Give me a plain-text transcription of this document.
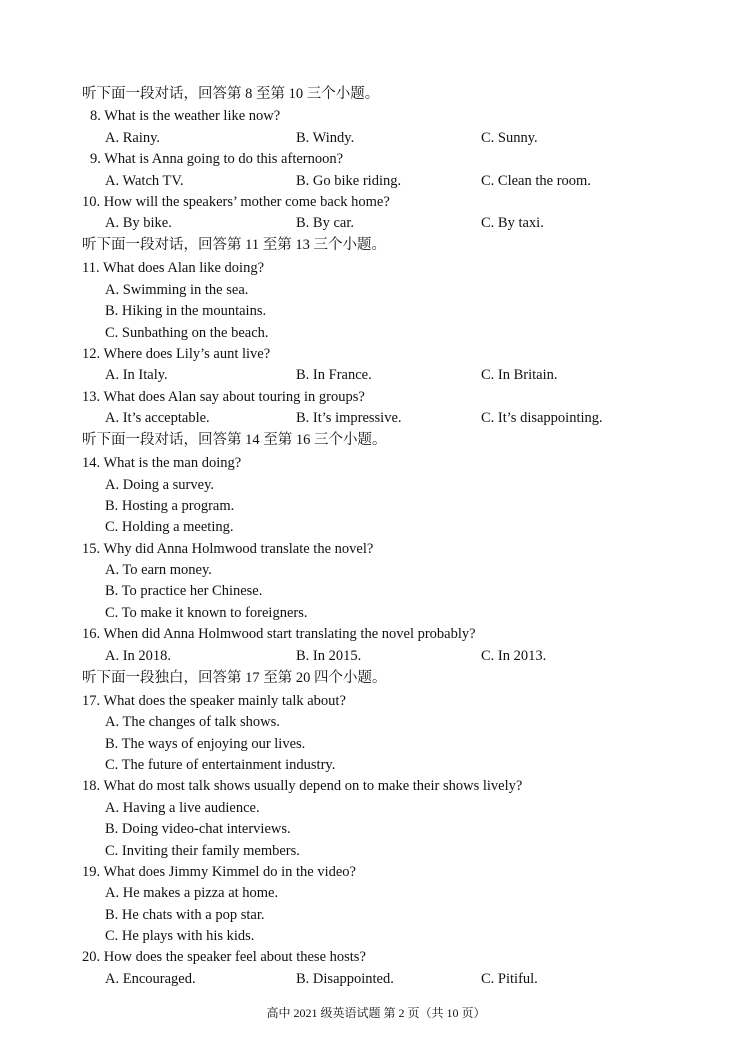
听下面一段对话，回答第 8 至第 10 三个小题。
8. What is the weather like now?
A. Rainy.	B. Windy.	C. Sunny.
9. What is Anna going to do this afternoon?
A. Watch TV.	B. Go bike riding.	C. Clean the room.
10. How will the speakers’ mother come back home?
A. By bike.	B. By car.	C. By taxi.
听下面一段对话，回答第 11 至第 13 三个小题。
11. What does Alan like doing?
A. Swimming in the sea.
B. Hiking in the mountains.
C. Sunbathing on the beach.
12. Where does Lily’s aunt live?
A. In Italy.	B. In France.	C. In Britain.
13. What does Alan say about touring in groups?
A. It’s acceptable.	B. It’s impressive.	C. It’s disappointing.
听下面一段对话，回答第 14 至第 16 三个小题。
14. What is the man doing?
A. Doing a survey.
B. Hosting a program.
C. Holding a meeting.
15. Why did Anna Holmwood translate the novel?
A. To earn money.
B. To practice her Chinese.
C. To make it known to foreigners.
16. When did Anna Holmwood start translating the novel probably?
A. In 2018.	B. In 2015.	C. In 2013.
听下面一段独白，回答第 17 至第 20 四个小题。
17. What does the speaker mainly talk about?
A. The changes of talk shows.
B. The ways of enjoying our lives.
C. The future of entertainment industry.
18. What do most talk shows usually depend on to make their shows lively?
A. Having a live audience.
B. Doing video-chat interviews.
C. Inviting their family members.
19. What does Jimmy Kimmel do in the video?
A. He makes a pizza at home.
B. He chats with a pop star.
C. He plays with his kids.
20. How does the speaker feel about these hosts?
A. Encouraged.	B. Disappointed.	C. Pitiful.
高中 2021 级英语试题 第 2 页（共 10 页）
